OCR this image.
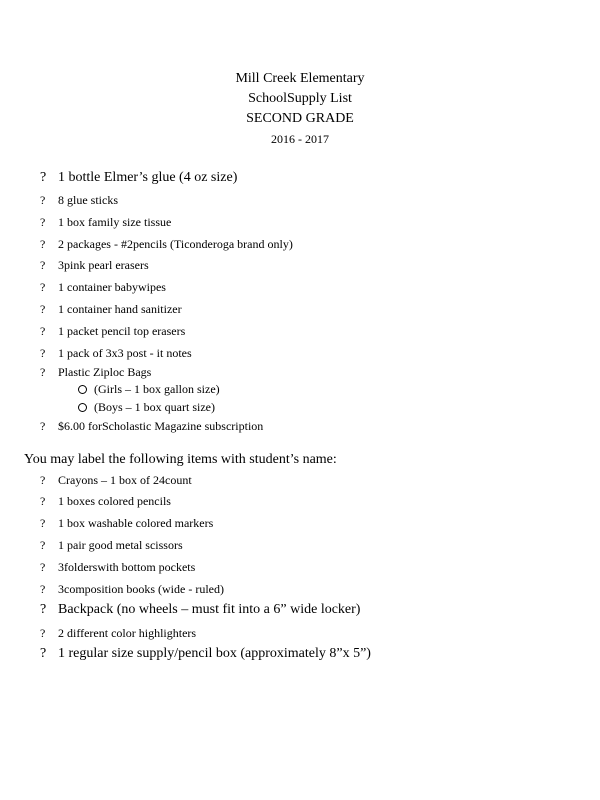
Mill Creek Elementary
SchoolSupply List
SECOND GRADE
2016 - 2017
? 1 bottle Elmer’s glue (4 oz size)
?	8 glue sticks
?	1 box family size tissue
?	2 packages - #2pencils (Ticonderoga brand only)
?	3pink pearl erasers
?	1 container babywipes
?	1 container hand sanitizer
?	1 packet pencil top erasers
?	1 pack of 3x3 post - it notes
?	Plastic Ziploc Bags
(Girls – 1 box gallon size)
(Boys – 1 box quart size)
?	$6.00 forScholastic Magazine subscription
You may label the following items with student’s name:
?	Crayons – 1 box of 24count
?	1 boxes colored pencils
?	1 box washable colored markers
?	1 pair good metal scissors
?	3folderswith bottom pockets
?	3composition books (wide - ruled)
? Backpack (no wheels – must fit into a 6” wide locker)
?	2 different color highlighters
? 1 regular size supply/pencil box (approximately 8”x 5”)
